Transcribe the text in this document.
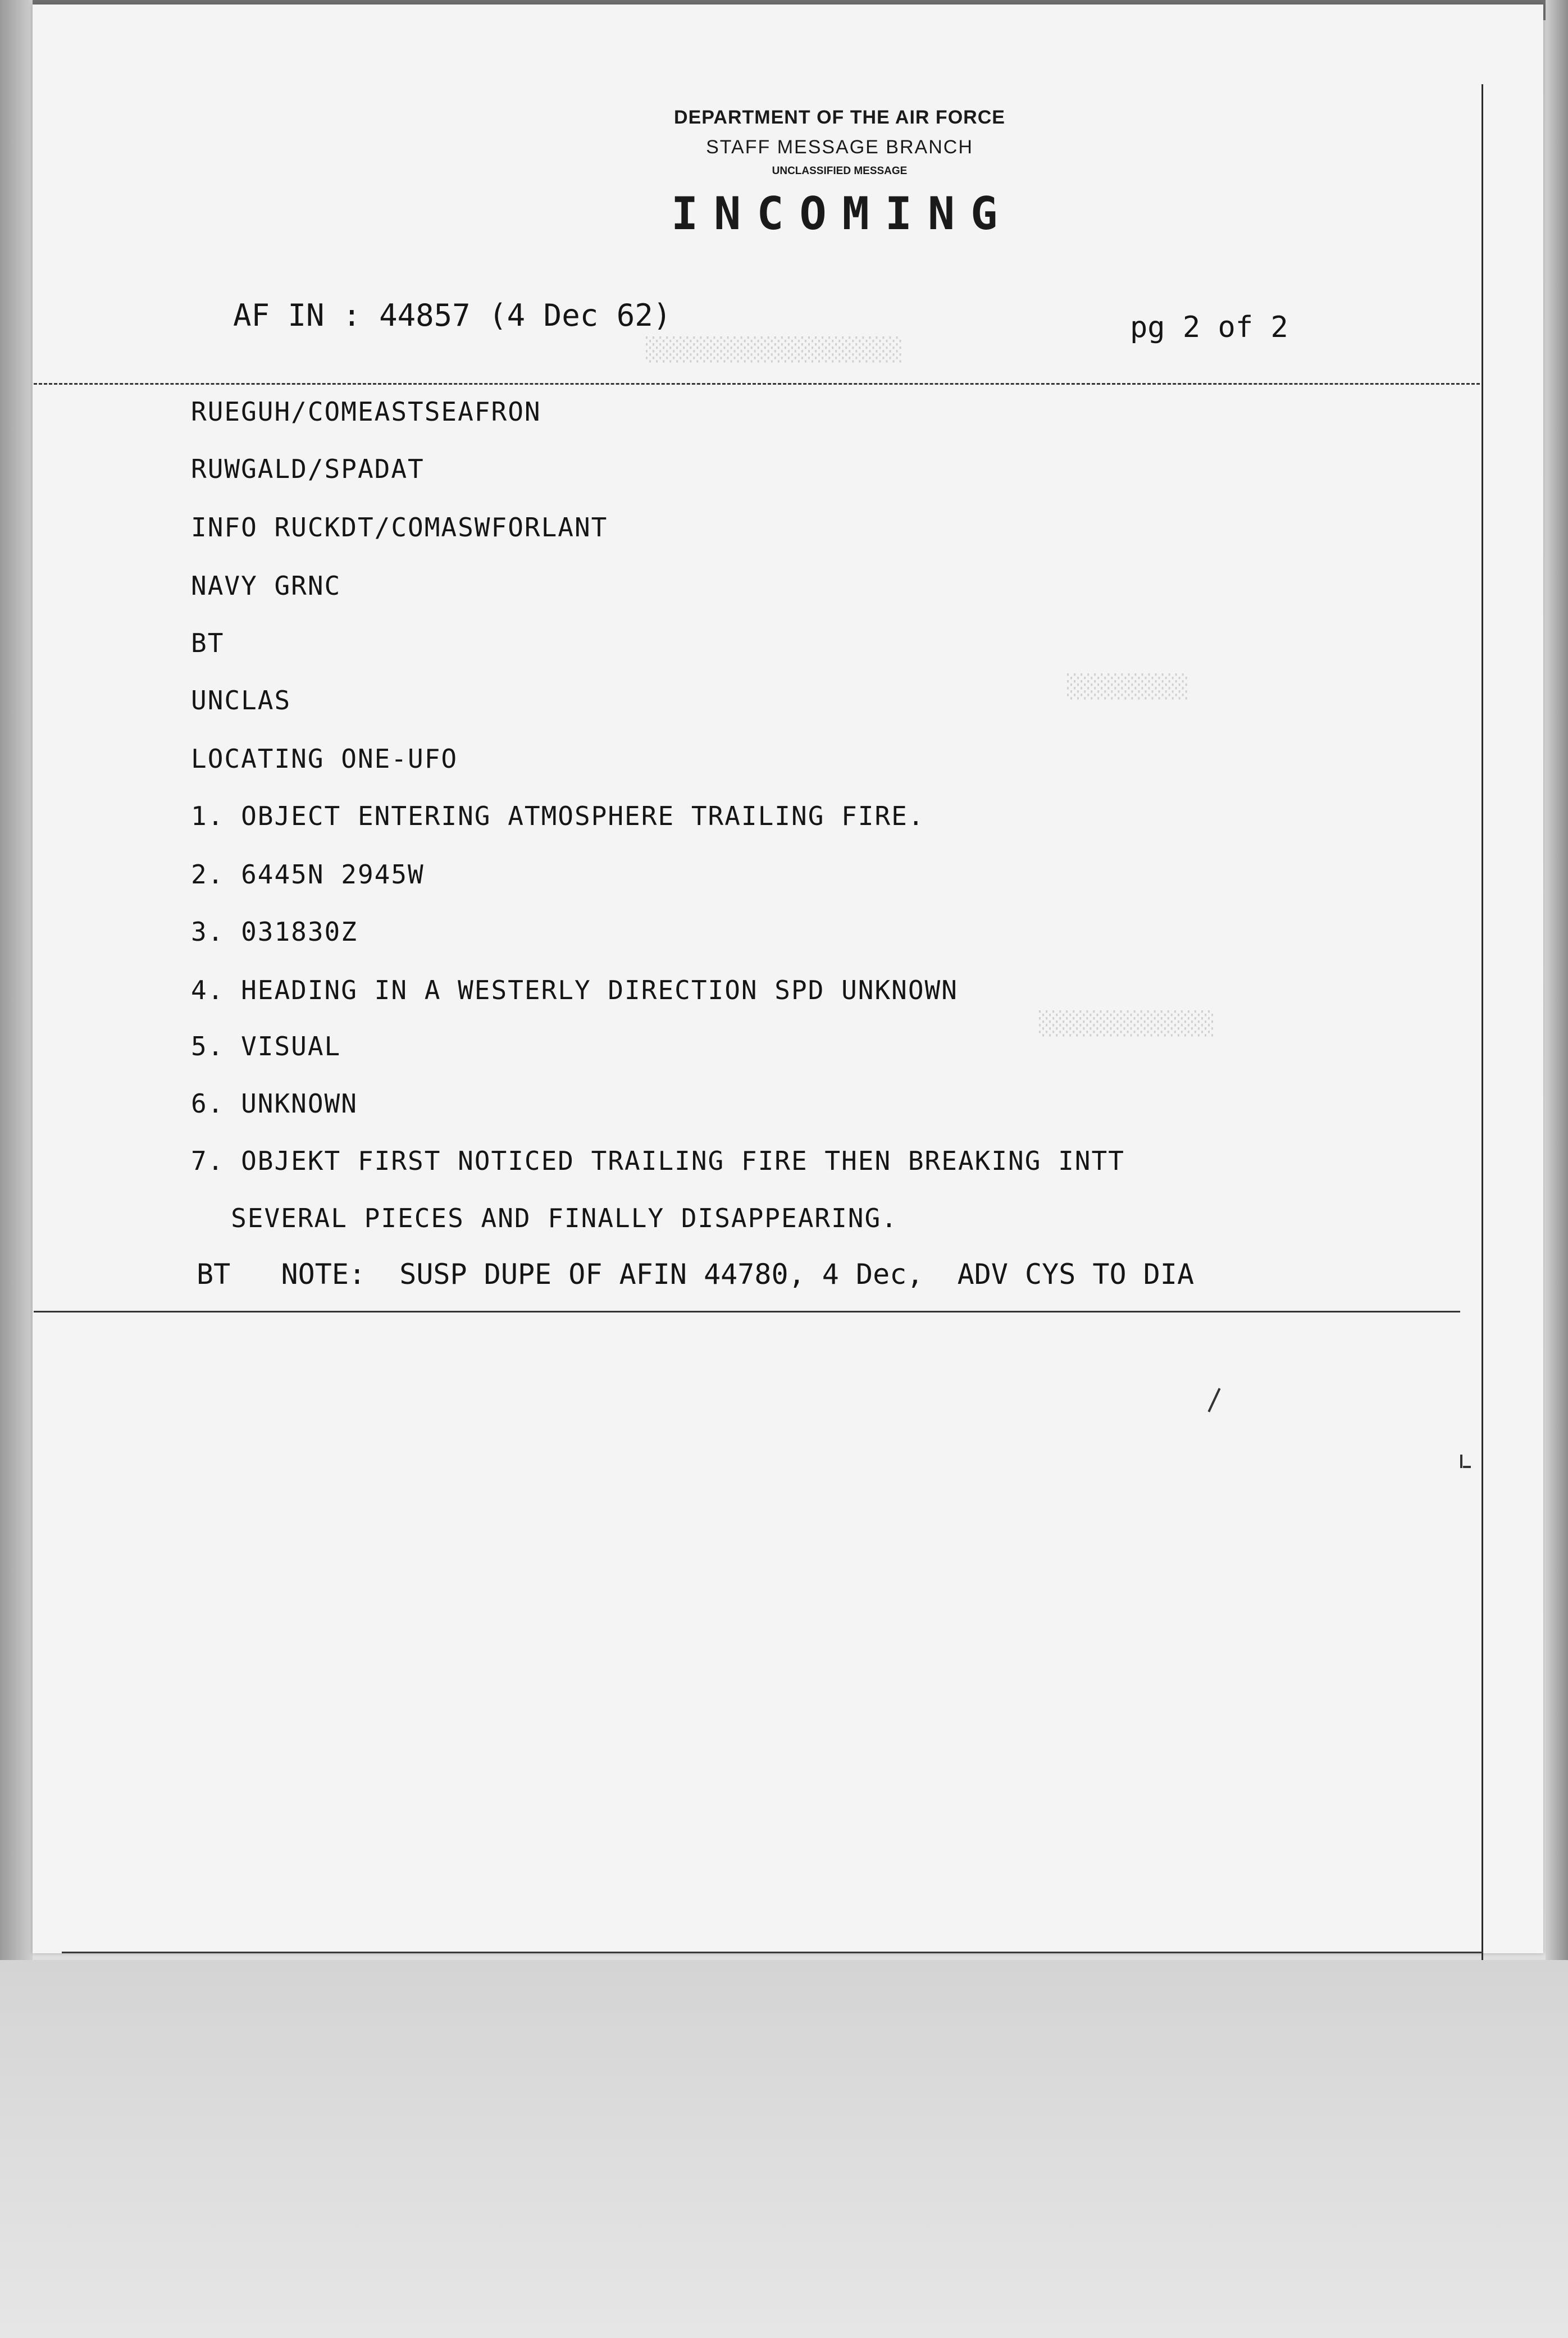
░░░░░░░░░░░░░░░░░░░
░░░░░░░░░
░░░░░░░░░░░░░
DEPARTMENT OF THE AIR FORCE
STAFF MESSAGE BRANCH
UNCLASSIFIED MESSAGE
INCOMING
AF IN : 44857 (4 Dec 62)	pg 2 of 2
RUEGUH/COMEASTSEAFRON
RUWGALD/SPADAT
INFO RUCKDT/COMASWFORLANT
NAVY GRNC
BT
UNCLAS
LOCATING ONE-UFO
1. OBJECT ENTERING ATMOSPHERE TRAILING FIRE.
2. 6445N 2945W
3. 031830Z
4. HEADING IN A WESTERLY DIRECTION SPD UNKNOWN
5. VISUAL
6. UNKNOWN
7. OBJEKT FIRST NOTICED TRAILING FIRE THEN BREAKING INTT
SEVERAL PIECES AND FINALLY DISAPPEARING.
BT   NOTE:  SUSP DUPE OF AFIN 44780, 4 Dec,  ADV CYS TO DIA
